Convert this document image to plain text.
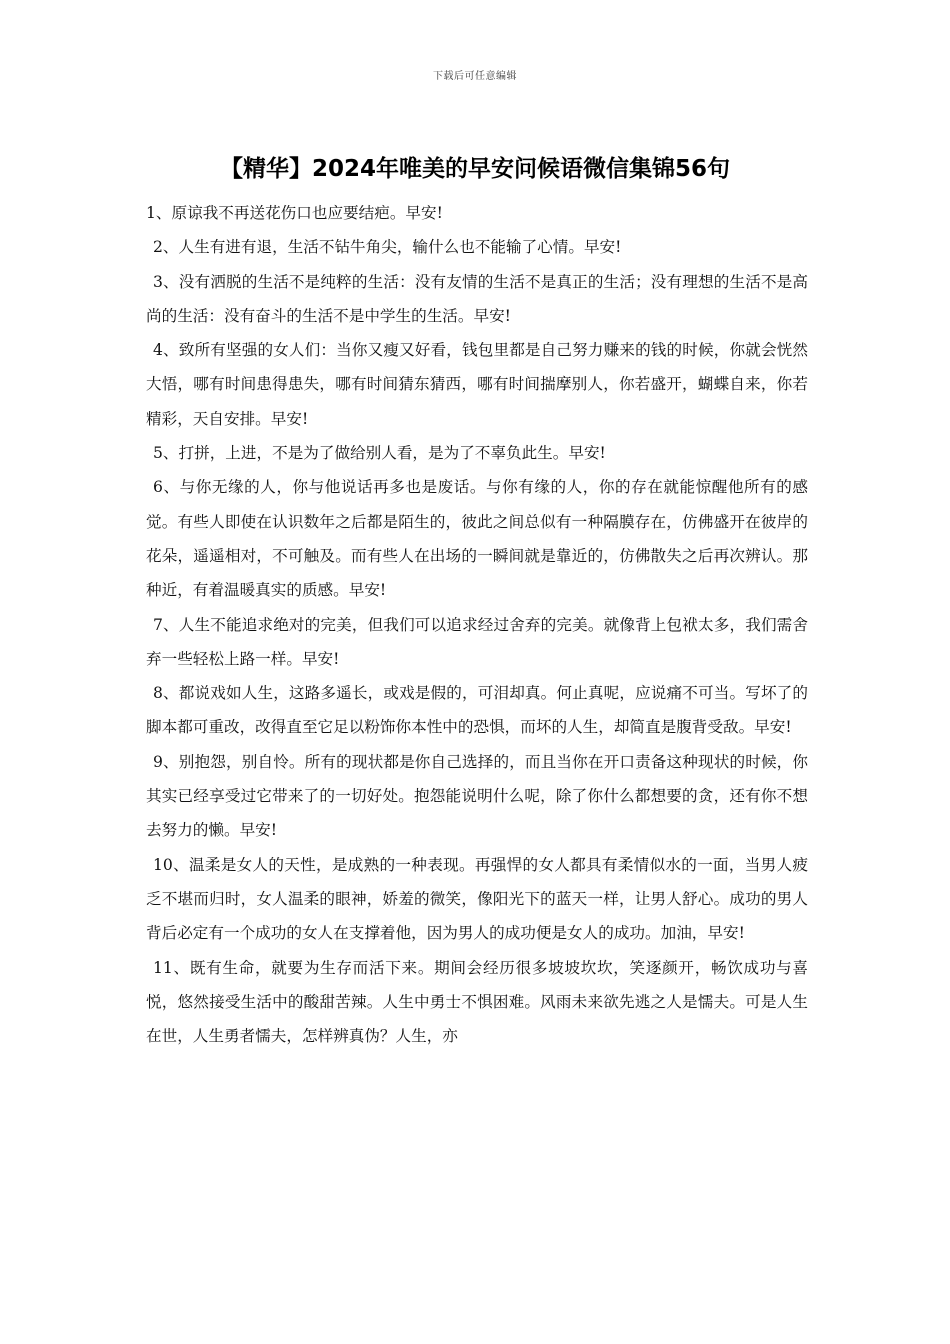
下载后可任意编辑
【精华】2024年唯美的早安问候语微信集锦56句

1、原谅我不再送花伤口也应要结疤。早安!

2、人生有进有退，生活不钻牛角尖，输什么也不能输了心情。早安!

3、没有洒脱的生活不是纯粹的生活：没有友情的生活不是真正的生活；没有理想的生活不是高尚的生活：没有奋斗的生活不是中学生的生活。早安!

4、致所有坚强的女人们：当你又瘦又好看，钱包里都是自己努力赚来的钱的时候，你就会恍然大悟，哪有时间患得患失，哪有时间猜东猜西，哪有时间揣摩别人，你若盛开，蝴蝶自来，你若精彩，天自安排。早安!

5、打拼，上进，不是为了做给别人看，是为了不辜负此生。早安!

6、与你无缘的人，你与他说话再多也是废话。与你有缘的人，你的存在就能惊醒他所有的感觉。有些人即使在认识数年之后都是陌生的，彼此之间总似有一种隔膜存在，仿佛盛开在彼岸的花朵，遥遥相对，不可触及。而有些人在出场的一瞬间就是靠近的，仿佛散失之后再次辨认。那种近，有着温暖真实的质感。早安!

7、人生不能追求绝对的完美，但我们可以追求经过舍弃的完美。就像背上包袱太多，我们需舍弃一些轻松上路一样。早安!

8、都说戏如人生，这路多遥长，或戏是假的，可泪却真。何止真呢，应说痛不可当。写坏了的脚本都可重改，改得直至它足以粉饰你本性中的恐惧，而坏的人生，却简直是腹背受敌。早安!

9、别抱怨，别自怜。所有的现状都是你自己选择的，而且当你在开口责备这种现状的时候，你其实已经享受过它带来了的一切好处。抱怨能说明什么呢，除了你什么都想要的贪，还有你不想去努力的懒。早安!

10、温柔是女人的天性，是成熟的一种表现。再强悍的女人都具有柔情似水的一面，当男人疲乏不堪而归时，女人温柔的眼神，娇羞的微笑，像阳光下的蓝天一样，让男人舒心。成功的男人背后必定有一个成功的女人在支撑着他，因为男人的成功便是女人的成功。加油，早安!

11、既有生命，就要为生存而活下来。期间会经历很多坡坡坎坎，笑逐颜开，畅饮成功与喜悦，悠然接受生活中的酸甜苦辣。人生中勇士不惧困难。风雨未来欲先逃之人是懦夫。可是人生在世，人生勇者懦夫，怎样辨真伪？人生，亦
